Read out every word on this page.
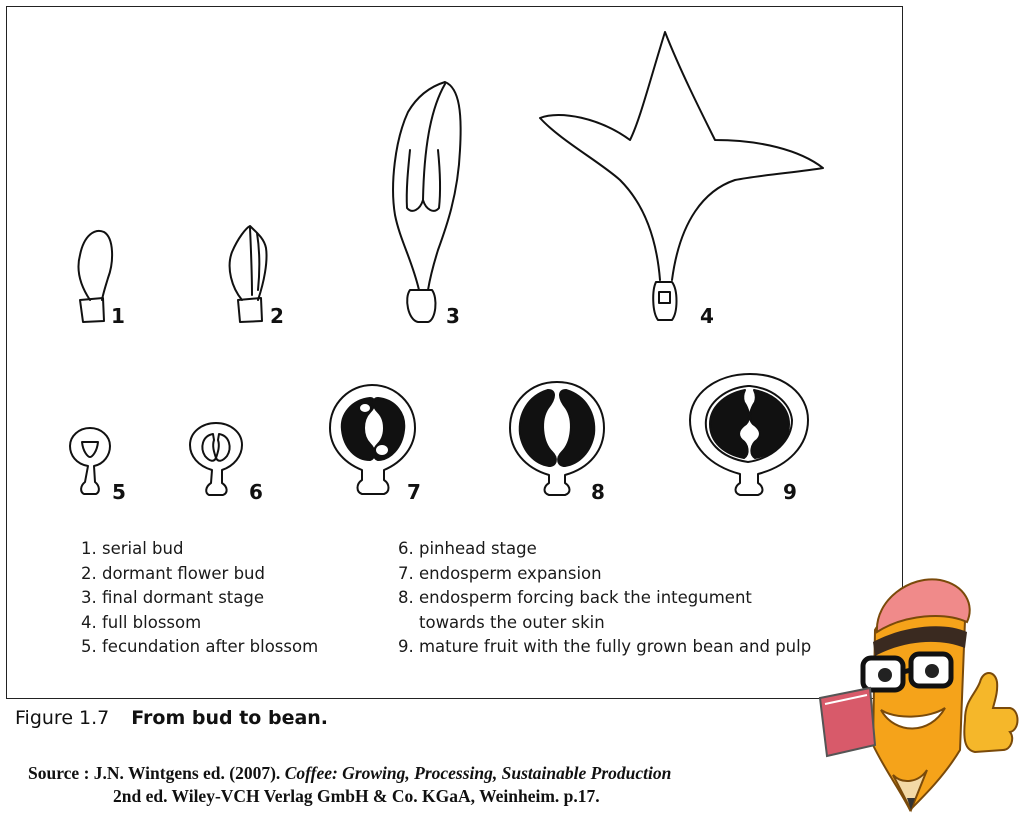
1	2	3	4
5	6	7	8	9
1. serial bud
2. dormant flower bud
3. final dormant stage
4. full blossom
5. fecundation after blossom
6. pinhead stage
7. endosperm expansion
8. endosperm forcing back the integument
towards the outer skin
9. mature fruit with the fully grown bean and pulp
Figure 1.7 From bud to bean.
Source : J.N. Wintgens ed. (2007). Coffee: Growing, Processing, Sustainable Production
2nd ed. Wiley-VCH Verlag GmbH & Co. KGaA, Weinheim. p.17.
